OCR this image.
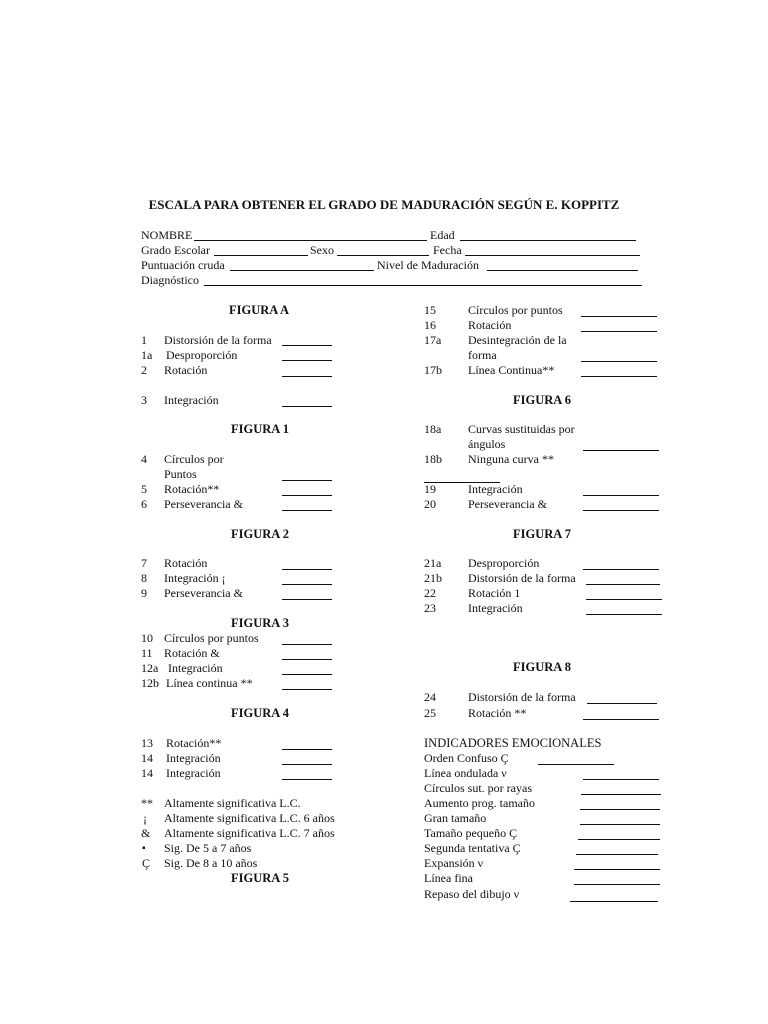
ESCALA PARA OBTENER EL GRADO DE MADURACIÓN SEGÚN E. KOPPITZ
NOMBRE	Edad
Grado Escolar	Sexo	Fecha
Puntuación cruda	Nivel de Maduración
Diagnóstico
FIGURA A
1 Distorsión de la forma
1a Desproporción
2 Rotación
3 Integración
FIGURA 1
4 Círculos por
Puntos
5 Rotación**
6 Perseverancia &
FIGURA 2
7 Rotación
8 Integración ¡
9 Perseverancia &
FIGURA 3
10 Círculos por puntos
11 Rotación &
12a Integración
12b Línea continua **
FIGURA 4
13 Rotación**
14 Integración
14 Integración
** Altamente significativa L.C.
¡ Altamente significativa L.C. 6 años
& Altamente significativa L.C. 7 años
▪ Sig. De 5 a 7 años
Ç Sig. De 8 a 10 años
FIGURA 5
15	Círculos por puntos
16	Rotación
17a Desintegración de la
forma
17b Línea Continua**
FIGURA 6
18a Curvas sustituidas por
ángulos
18b Ninguna curva **
19	Integración
20	Perseverancia &
FIGURA 7
21a Desproporción
21b Distorsión de la forma
22	Rotación 1
23	Integración
FIGURA 8
24	Distorsión de la forma
25	Rotación **
INDICADORES EMOCIONALES
Orden Confuso Ç
Línea ondulada ν
Círculos sut. por rayas
Aumento prog. tamaño
Gran tamaño
Tamaño pequeño Ç
Segunda tentativa Ç
Expansión ν
Línea fina
Repaso del dibujo ν
